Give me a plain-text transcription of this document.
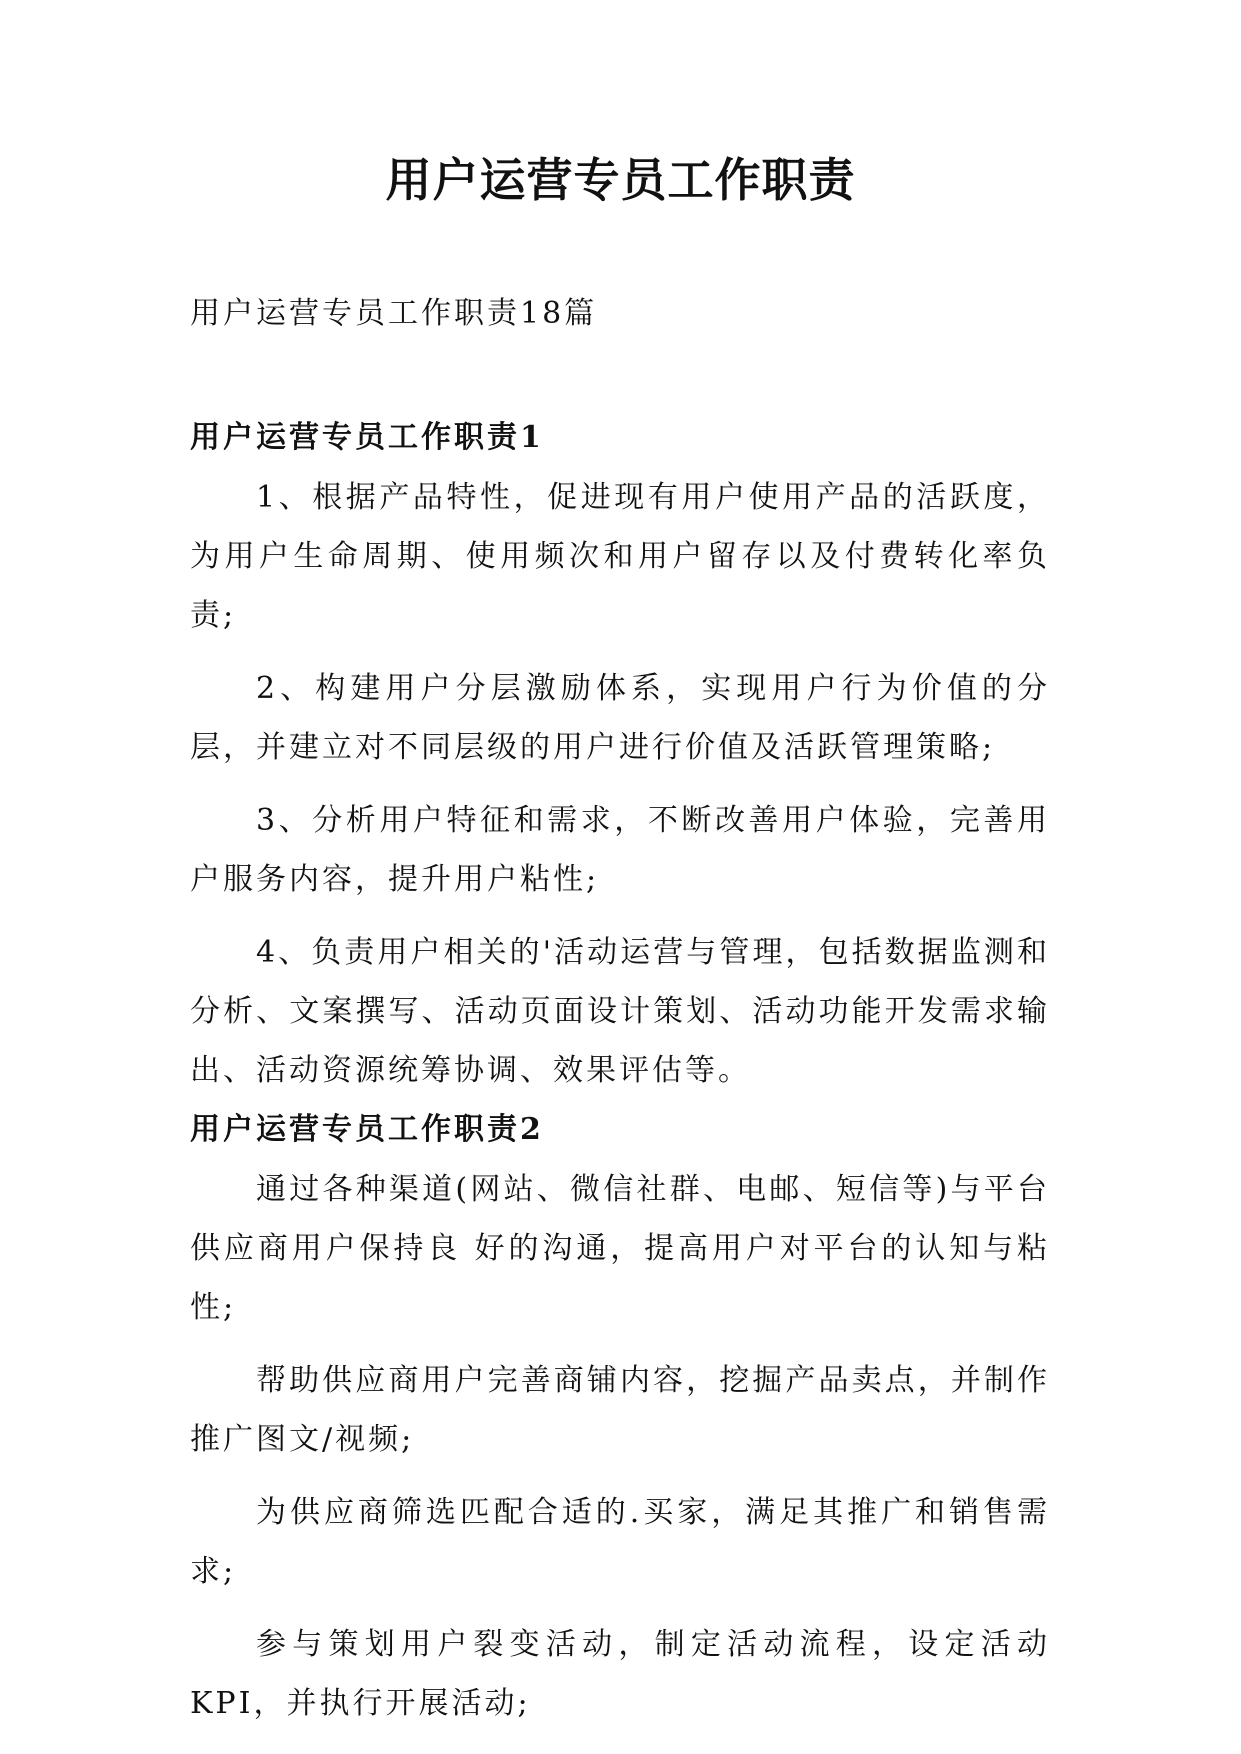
用户运营专员工作职责

用户运营专员工作职责18篇

用户运营专员工作职责1

1、根据产品特性，促进现有用户使用产品的活跃度，为用户生命周期、使用频次和用户留存以及付费转化率负责;

2、构建用户分层激励体系，实现用户行为价值的分层，并建立对不同层级的用户进行价值及活跃管理策略;

3、分析用户特征和需求，不断改善用户体验，完善用户服务内容，提升用户粘性;

4、负责用户相关的'活动运营与管理，包括数据监测和分析、文案撰写、活动页面设计策划、活动功能开发需求输出、活动资源统筹协调、效果评估等。

用户运营专员工作职责2

通过各种渠道(网站、微信社群、电邮、短信等)与平台供应商用户保持良 好的沟通，提高用户对平台的认知与粘性;

帮助供应商用户完善商铺内容，挖掘产品卖点，并制作推广图文/视频;

为供应商筛选匹配合适的.买家，满足其推广和销售需求;

参与策划用户裂变活动，制定活动流程，设定活动KPI，并执行开展活动;
